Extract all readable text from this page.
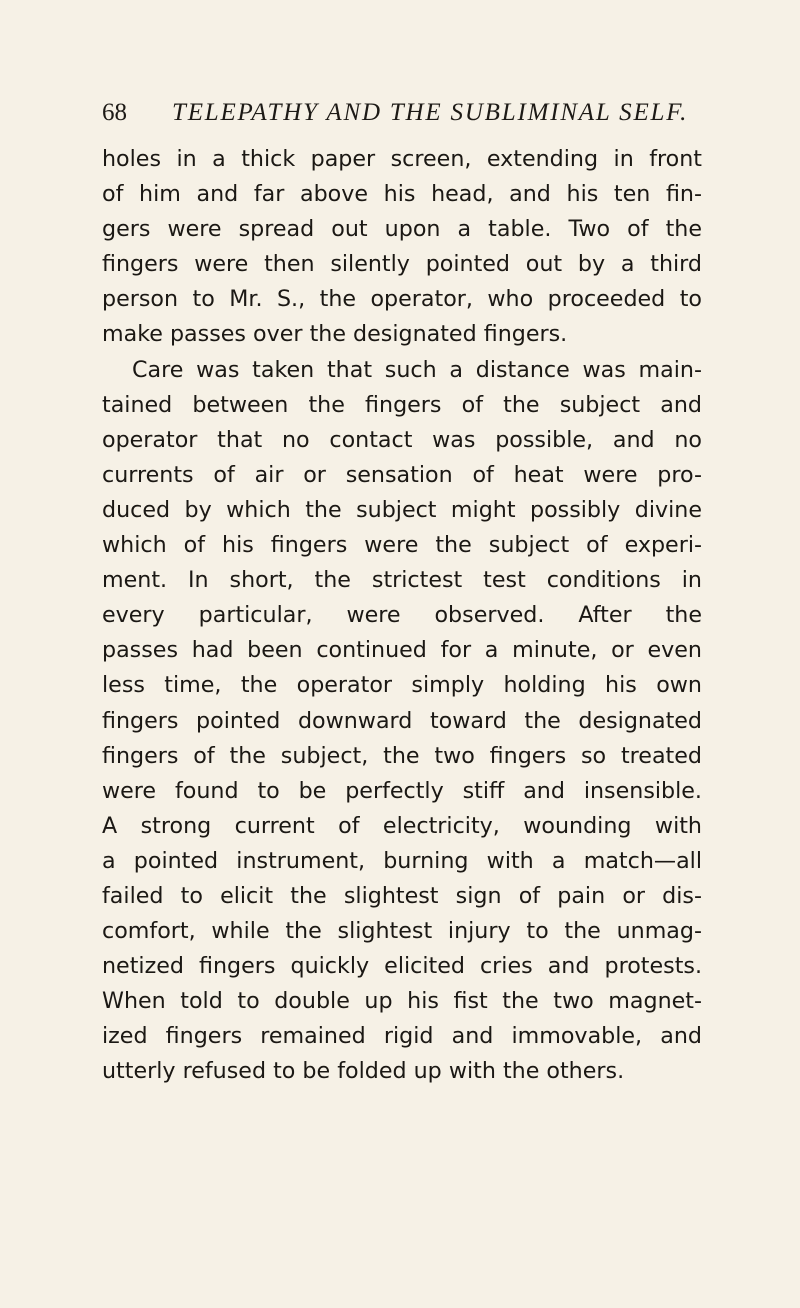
68 TELEPATHY AND THE SUBLIMINAL SELF.
holes in a thick paper screen, extending in front
of him and far above his head, and his ten fin-
gers were spread out upon a table. Two of the
fingers were then silently pointed out by a third
person to Mr. S., the operator, who proceeded to
make passes over the designated fingers.
Care was taken that such a distance was main-
tained between the fingers of the subject and
operator that no contact was possible, and no
currents of air or sensation of heat were pro-
duced by which the subject might possibly divine
which of his fingers were the subject of experi-
ment. In short, the strictest test conditions in
every particular, were observed. After the
passes had been continued for a minute, or even
less time, the operator simply holding his own
fingers pointed downward toward the designated
fingers of the subject, the two fingers so treated
were found to be perfectly stiff and insensible.
A strong current of electricity, wounding with
a pointed instrument, burning with a match—all
failed to elicit the slightest sign of pain or dis-
comfort, while the slightest injury to the unmag-
netized fingers quickly elicited cries and protests.
When told to double up his fist the two magnet-
ized fingers remained rigid and immovable, and
utterly refused to be folded up with the others.
